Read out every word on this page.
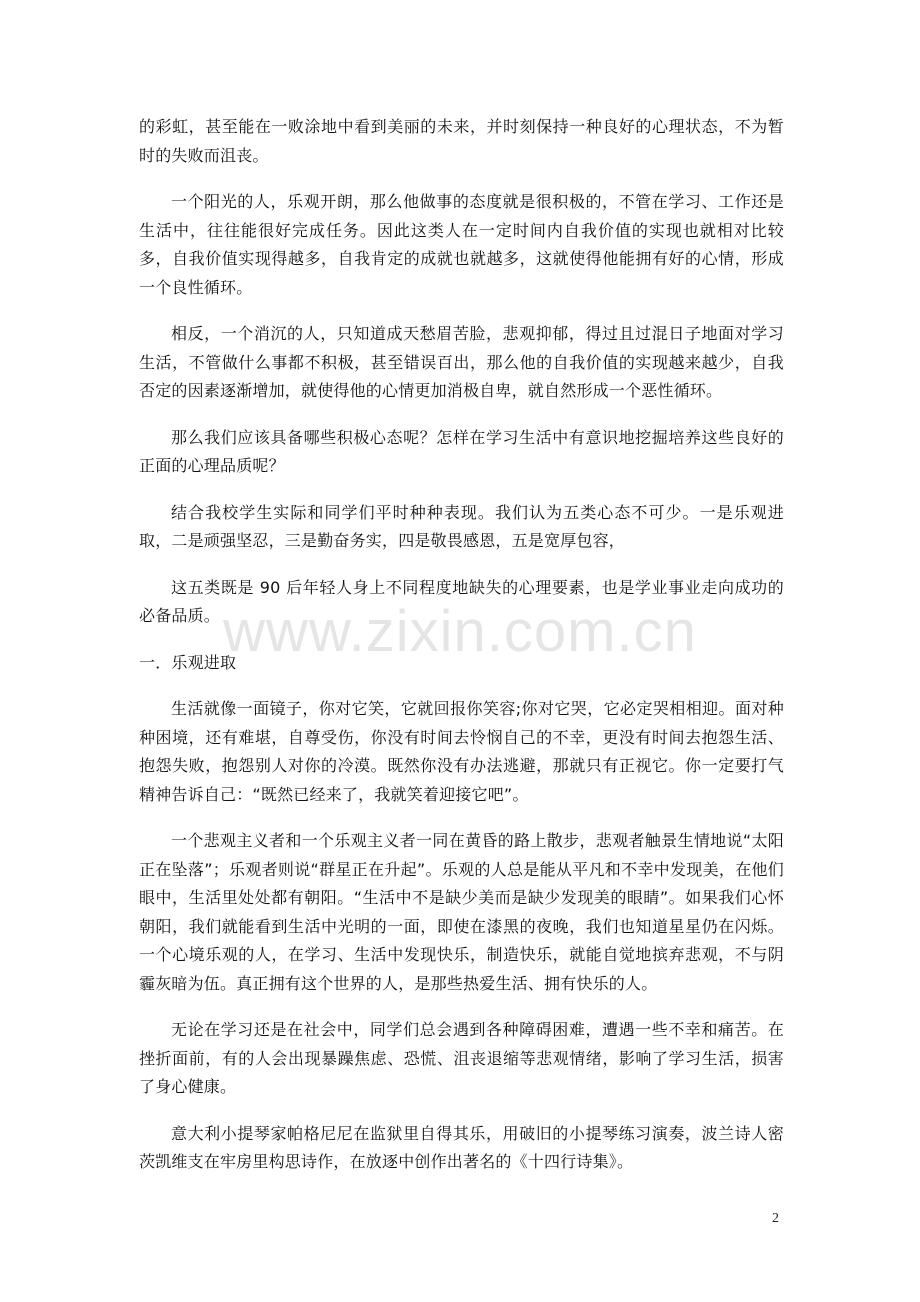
的彩虹，甚至能在一败涂地中看到美丽的未来，并时刻保持一种良好的心理状态，不为暂时的失败而沮丧。

一个阳光的人，乐观开朗，那么他做事的态度就是很积极的，不管在学习、工作还是生活中，往往能很好完成任务。因此这类人在一定时间内自我价值的实现也就相对比较多，自我价值实现得越多，自我肯定的成就也就越多，这就使得他能拥有好的心情，形成一个良性循环。

相反，一个消沉的人，只知道成天愁眉苦脸，悲观抑郁，得过且过混日子地面对学习生活，不管做什么事都不积极，甚至错误百出，那么他的自我价值的实现越来越少，自我否定的因素逐渐增加，就使得他的心情更加消极自卑，就自然形成一个恶性循环。

那么我们应该具备哪些积极心态呢？怎样在学习生活中有意识地挖掘培养这些良好的正面的心理品质呢？

结合我校学生实际和同学们平时种种表现。我们认为五类心态不可少。一是乐观进取，二是顽强坚忍，三是勤奋务实，四是敬畏感恩，五是宽厚包容，

这五类既是 90 后年轻人身上不同程度地缺失的心理要素，也是学业事业走向成功的必备品质。

一．乐观进取

生活就像一面镜子，你对它笑，它就回报你笑容;你对它哭，它必定哭相相迎。面对种种困境，还有难堪，自尊受伤，你没有时间去怜悯自己的不幸，更没有时间去抱怨生活、抱怨失败，抱怨别人对你的冷漠。既然你没有办法逃避，那就只有正视它。你一定要打气精神告诉自己：“既然已经来了，我就笑着迎接它吧”。

一个悲观主义者和一个乐观主义者一同在黄昏的路上散步，悲观者触景生情地说“太阳正在坠落”；乐观者则说“群星正在升起”。乐观的人总是能从平凡和不幸中发现美，在他们眼中，生活里处处都有朝阳。“生活中不是缺少美而是缺少发现美的眼睛”。如果我们心怀朝阳，我们就能看到生活中光明的一面，即使在漆黑的夜晚，我们也知道星星仍在闪烁。一个心境乐观的人，在学习、生活中发现快乐，制造快乐，就能自觉地摈弃悲观，不与阴霾灰暗为伍。真正拥有这个世界的人，是那些热爱生活、拥有快乐的人。

无论在学习还是在社会中，同学们总会遇到各种障碍困难，遭遇一些不幸和痛苦。在挫折面前，有的人会出现暴躁焦虑、恐慌、沮丧退缩等悲观情绪，影响了学习生活，损害了身心健康。

意大利小提琴家帕格尼尼在监狱里自得其乐，用破旧的小提琴练习演奏，波兰诗人密茨凯维支在牢房里构思诗作，在放逐中创作出著名的《十四行诗集》。

www.zixin.com.cn
2
